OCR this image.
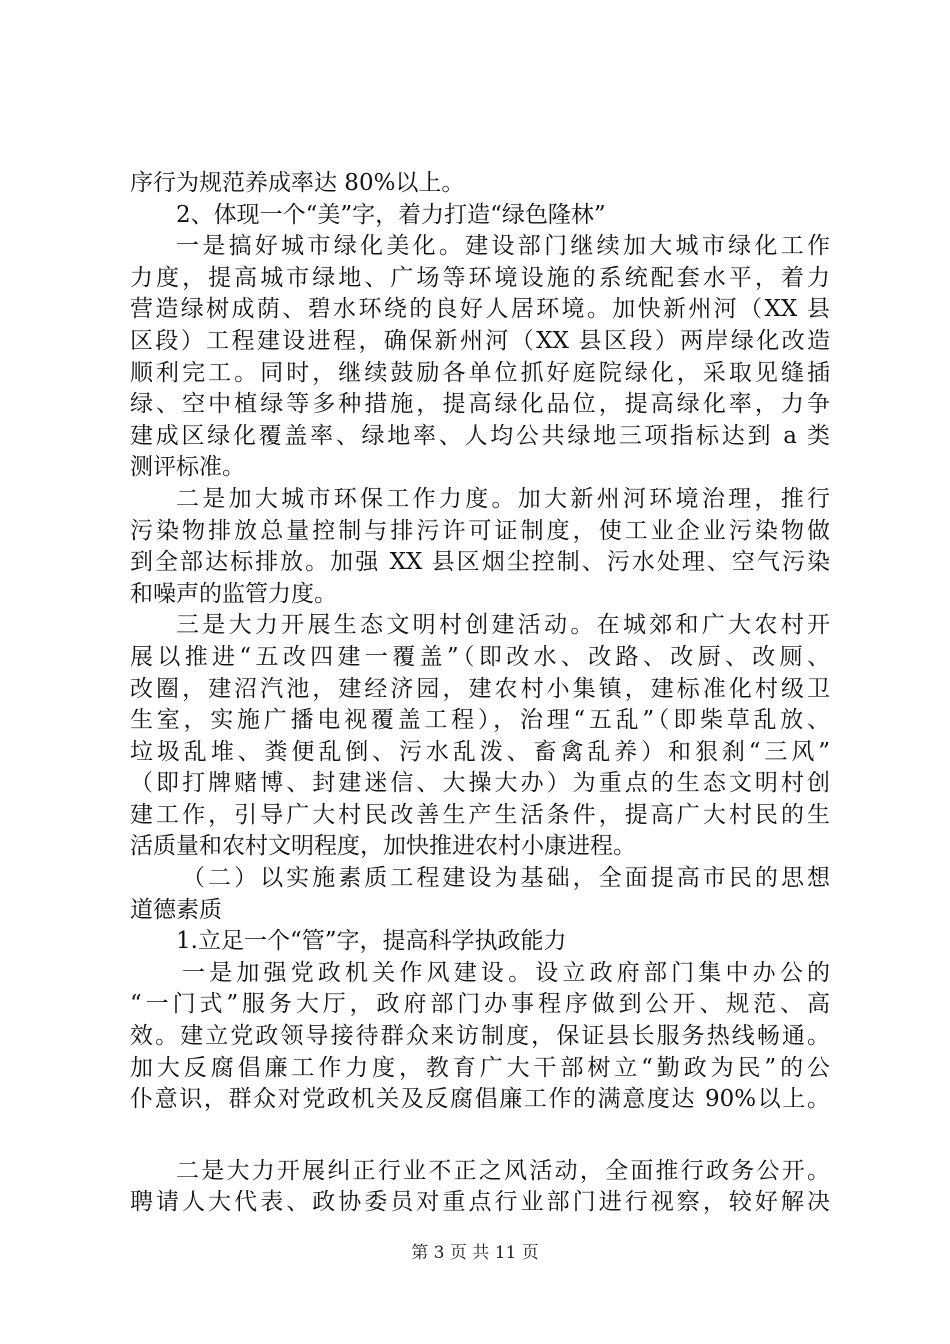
序行为规范养成率达 80%以上。
2、体现一个“美”字，着力打造“绿色隆林”
一是搞好城市绿化美化。建设部门继续加大城市绿化工作
力度，提高城市绿地、广场等环境设施的系统配套水平，着力
营造绿树成荫、碧水环绕的良好人居环境。加快新州河（XX 县
区段）工程建设进程，确保新州河（XX 县区段）两岸绿化改造
顺利完工。同时，继续鼓励各单位抓好庭院绿化，采取见缝插
绿、空中植绿等多种措施，提高绿化品位，提高绿化率，力争
建成区绿化覆盖率、绿地率、人均公共绿地三项指标达到 a 类
测评标准。
二是加大城市环保工作力度。加大新州河环境治理，推行
污染物排放总量控制与排污许可证制度，使工业企业污染物做
到全部达标排放。加强 XX 县区烟尘控制、污水处理、空气污染
和噪声的监管力度。
三是大力开展生态文明村创建活动。在城郊和广大农村开
展以推进“五改四建一覆盖”（即改水、改路、改厨、改厕、
改圈，建沼汽池，建经济园，建农村小集镇，建标准化村级卫
生室，实施广播电视覆盖工程），治理“五乱”（即柴草乱放、
垃圾乱堆、粪便乱倒、污水乱泼、畜禽乱养）和狠刹“三风”
（即打牌赌博、封建迷信、大操大办）为重点的生态文明村创
建工作，引导广大村民改善生产生活条件，提高广大村民的生
活质量和农村文明程度，加快推进农村小康进程。
（二）以实施素质工程建设为基础，全面提高市民的思想
道德素质
1.立足一个“管”字，提高科学执政能力
一是加强党政机关作风建设。设立政府部门集中办公的
“一门式”服务大厅，政府部门办事程序做到公开、规范、高
效。建立党政领导接待群众来访制度，保证县长服务热线畅通。
加大反腐倡廉工作力度，教育广大干部树立“勤政为民”的公
仆意识，群众对党政机关及反腐倡廉工作的满意度达 90%以上。
二是大力开展纠正行业不正之风活动，全面推行政务公开。
聘请人大代表、政协委员对重点行业部门进行视察，较好解决
第 3 页 共 11 页
